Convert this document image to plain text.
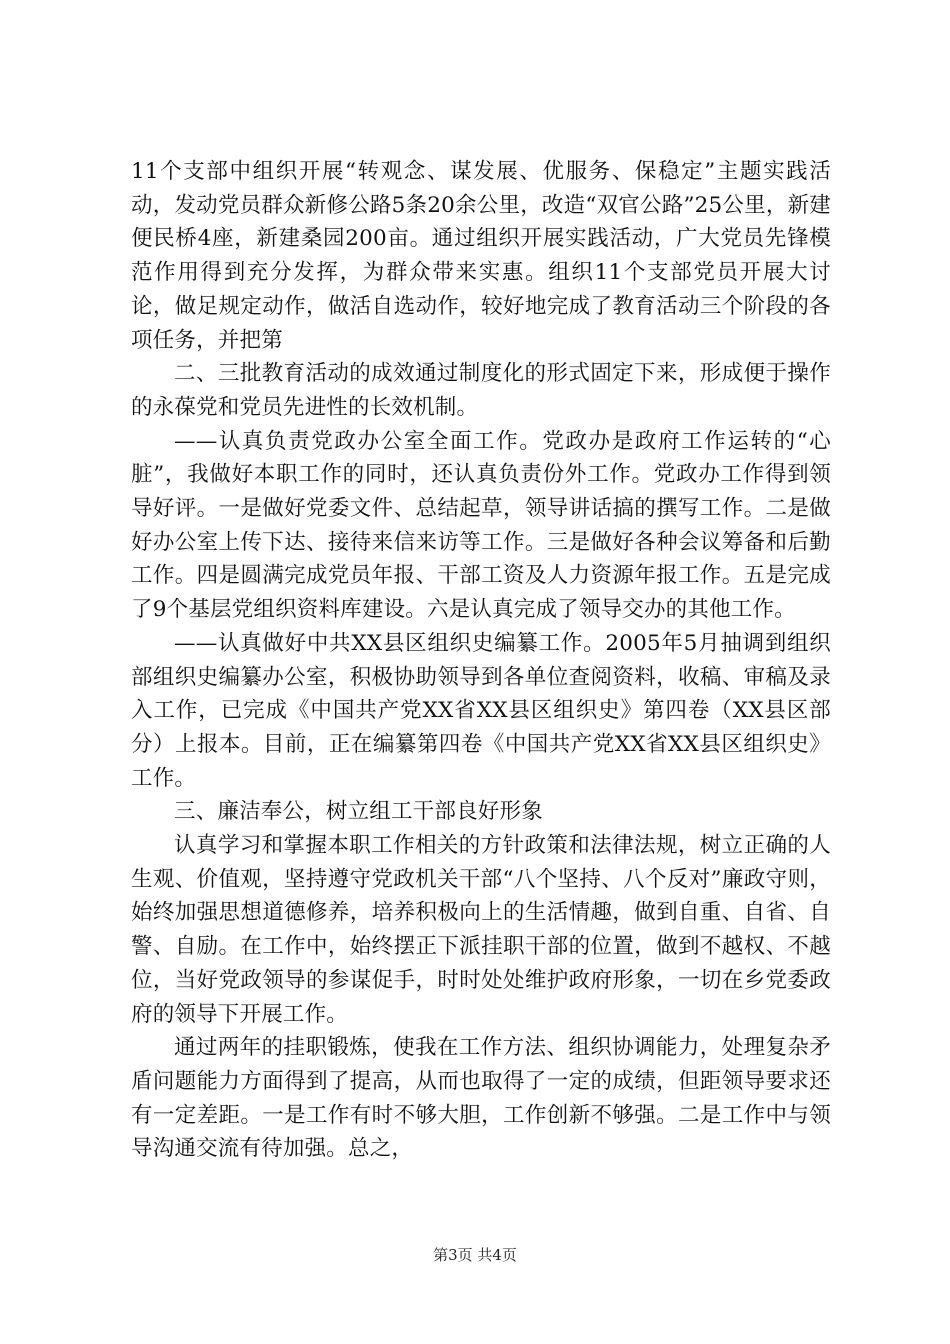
11个支部中组织开展“转观念、谋发展、优服务、保稳定”主题实践活动，发动党员群众新修公路5条20余公里，改造“双官公路”25公里，新建便民桥4座，新建桑园200亩。通过组织开展实践活动，广大党员先锋模范作用得到充分发挥，为群众带来实惠。组织11个支部党员开展大讨论，做足规定动作，做活自选动作，较好地完成了教育活动三个阶段的各项任务，并把第

二、三批教育活动的成效通过制度化的形式固定下来，形成便于操作的永葆党和党员先进性的长效机制。

——认真负责党政办公室全面工作。党政办是政府工作运转的“心脏”，我做好本职工作的同时，还认真负责份外工作。党政办工作得到领导好评。一是做好党委文件、总结起草，领导讲话搞的撰写工作。二是做好办公室上传下达、接待来信来访等工作。三是做好各种会议筹备和后勤工作。四是圆满完成党员年报、干部工资及人力资源年报工作。五是完成了9个基层党组织资料库建设。六是认真完成了领导交办的其他工作。

——认真做好中共XX县区组织史编纂工作。2005年5月抽调到组织部组织史编纂办公室，积极协助领导到各单位查阅资料，收稿、审稿及录入工作，已完成《中国共产党XX省XX县区组织史》第四卷（XX县区部分）上报本。目前，正在编纂第四卷《中国共产党XX省XX县区组织史》工作。

三、廉洁奉公，树立组工干部良好形象

认真学习和掌握本职工作相关的方针政策和法律法规，树立正确的人生观、价值观，坚持遵守党政机关干部“八个坚持、八个反对”廉政守则，始终加强思想道德修养，培养积极向上的生活情趣，做到自重、自省、自警、自励。在工作中，始终摆正下派挂职干部的位置，做到不越权、不越位，当好党政领导的参谋促手，时时处处维护政府形象，一切在乡党委政府的领导下开展工作。

通过两年的挂职锻炼，使我在工作方法、组织协调能力，处理复杂矛盾问题能力方面得到了提高，从而也取得了一定的成绩，但距领导要求还有一定差距。一是工作有时不够大胆，工作创新不够强。二是工作中与领导沟通交流有待加强。总之，

第3页 共4页
